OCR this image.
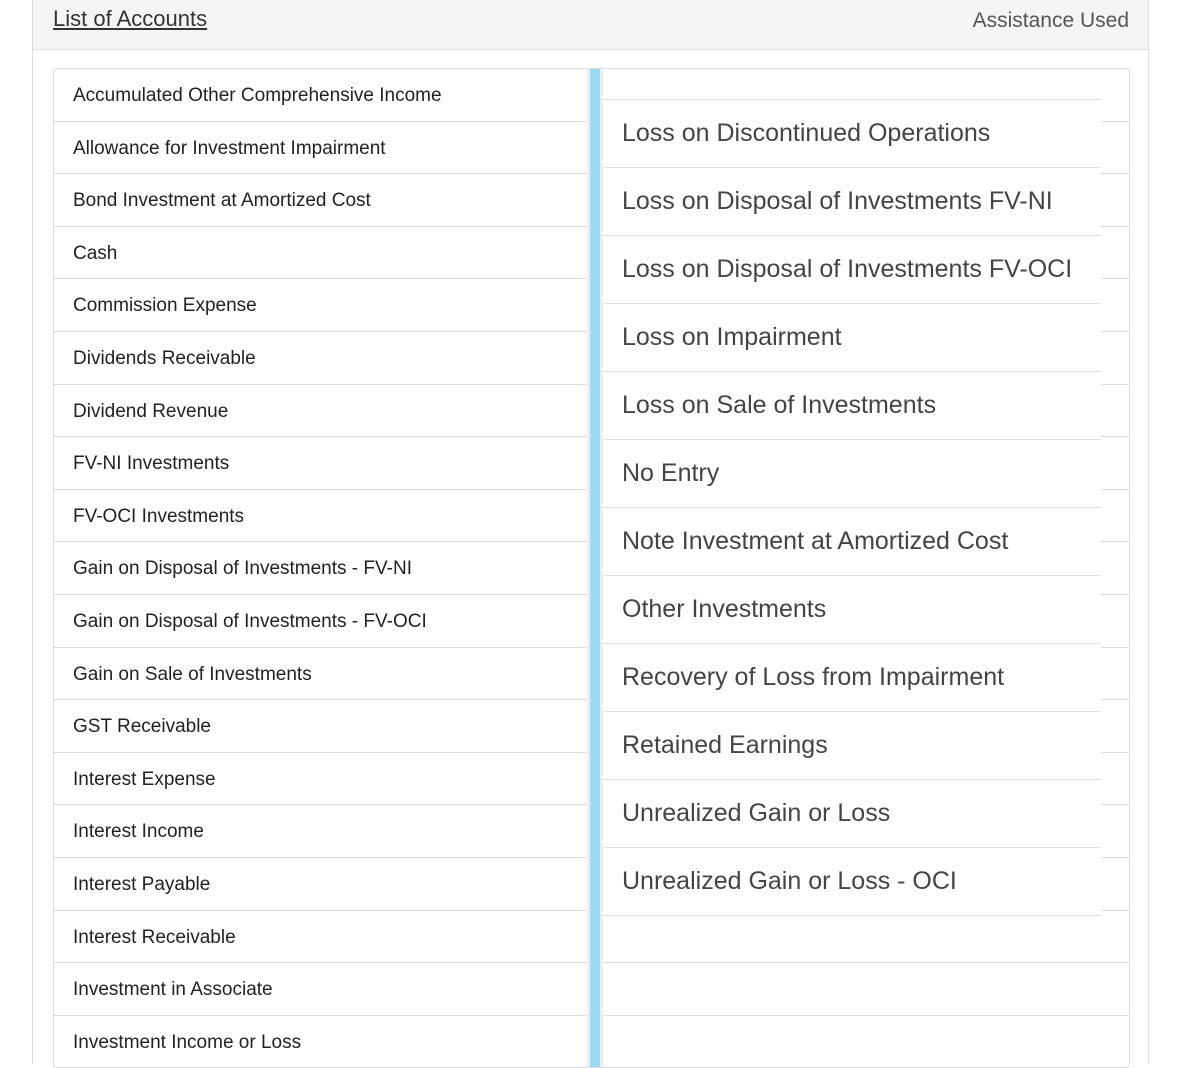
List of Accounts	Assistance Used
Accumulated Other Comprehensive Income
Allowance for Investment Impairment
Bond Investment at Amortized Cost
Cash
Commission Expense
Dividends Receivable
Dividend Revenue
FV-NI Investments
FV-OCI Investments
Gain on Disposal of Investments - FV-NI
Gain on Disposal of Investments - FV-OCI
Gain on Sale of Investments
GST Receivable
Interest Expense
Interest Income
Interest Payable
Interest Receivable
Investment in Associate
Investment Income or Loss
Loss on Discontinued Operations
Loss on Disposal of Investments FV-NI
Loss on Disposal of Investments FV-OCI
Loss on Impairment
Loss on Sale of Investments
No Entry
Note Investment at Amortized Cost
Other Investments
Recovery of Loss from Impairment
Retained Earnings
Unrealized Gain or Loss
Unrealized Gain or Loss - OCI
